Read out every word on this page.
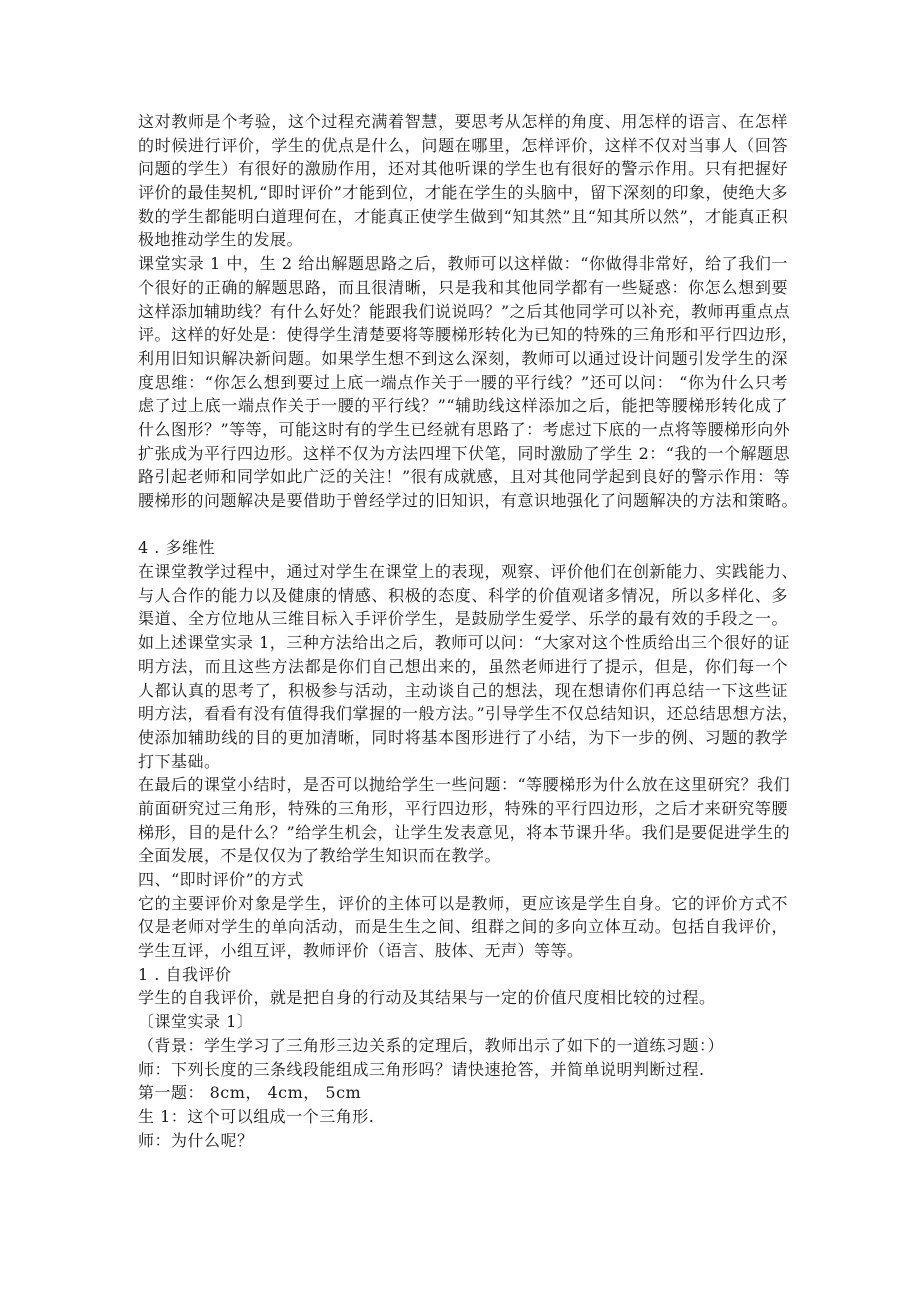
这对教师是个考验，这个过程充满着智慧，要思考从怎样的角度、用怎样的语言、在怎样
的时候进行评价，学生的优点是什么，问题在哪里，怎样评价，这样不仅对当事人（回答
问题的学生）有很好的激励作用，还对其他听课的学生也有很好的警示作用。只有把握好
评价的最佳契机,“即时评价”才能到位，才能在学生的头脑中，留下深刻的印象，使绝大多
数的学生都能明白道理何在，才能真正使学生做到“知其然”且“知其所以然”，才能真正积
极地推动学生的发展。
课堂实录 1 中，生 2 给出解题思路之后，教师可以这样做：“你做得非常好，给了我们一
个很好的正确的解题思路，而且很清晰，只是我和其他同学都有一些疑惑：你怎么想到要
这样添加辅助线？有什么好处？能跟我们说说吗？”之后其他同学可以补充，教师再重点点
评。这样的好处是：使得学生清楚要将等腰梯形转化为已知的特殊的三角形和平行四边形，
利用旧知识解决新问题。如果学生想不到这么深刻，教师可以通过设计问题引发学生的深
度思维：“你怎么想到要过上底一端点作关于一腰的平行线？”还可以问： “你为什么只考
虑了过上底一端点作关于一腰的平行线？”“辅助线这样添加之后，能把等腰梯形转化成了
什么图形？”等等，可能这时有的学生已经就有思路了：考虑过下底的一点将等腰梯形向外
扩张成为平行四边形。这样不仅为方法四埋下伏笔，同时激励了学生 2：“我的一个解题思
路引起老师和同学如此广泛的关注！”很有成就感，且对其他同学起到良好的警示作用：等
腰梯形的问题解决是要借助于曾经学过的旧知识，有意识地强化了问题解决的方法和策略。
4 . 多维性
在课堂教学过程中，通过对学生在课堂上的表现，观察、评价他们在创新能力、实践能力、
与人合作的能力以及健康的情感、积极的态度、科学的价值观诸多情况，所以多样化、多
渠道、全方位地从三维目标入手评价学生，是鼓励学生爱学、乐学的最有效的手段之一。
如上述课堂实录 1，三种方法给出之后，教师可以问：“大家对这个性质给出三个很好的证
明方法，而且这些方法都是你们自己想出来的，虽然老师进行了提示，但是，你们每一个
人都认真的思考了，积极参与活动，主动谈自己的想法，现在想请你们再总结一下这些证
明方法，看看有没有值得我们掌握的一般方法。”引导学生不仅总结知识，还总结思想方法，
使添加辅助线的目的更加清晰，同时将基本图形进行了小结，为下一步的例、习题的教学
打下基础。
在最后的课堂小结时，是否可以抛给学生一些问题：“等腰梯形为什么放在这里研究？我们
前面研究过三角形，特殊的三角形，平行四边形，特殊的平行四边形，之后才来研究等腰
梯形，目的是什么？”给学生机会，让学生发表意见，将本节课升华。我们是要促进学生的
全面发展，不是仅仅为了教给学生知识而在教学。
四、“即时评价”的方式
它的主要评价对象是学生，评价的主体可以是教师，更应该是学生自身。它的评价方式不
仅是老师对学生的单向活动，而是生生之间、组群之间的多向立体互动。包括自我评价，
学生互评，小组互评，教师评价（语言、肢体、无声）等等。
1 . 自我评价
学生的自我评价，就是把自身的行动及其结果与一定的价值尺度相比较的过程。
〔课堂实录 1〕
（背景：学生学习了三角形三边关系的定理后，教师出示了如下的一道练习题：）
师：下列长度的三条线段能组成三角形吗？请快速抢答，并简单说明判断过程.
第一题： 8cm， 4cm， 5cm
生 1：这个可以组成一个三角形.
师：为什么呢？
